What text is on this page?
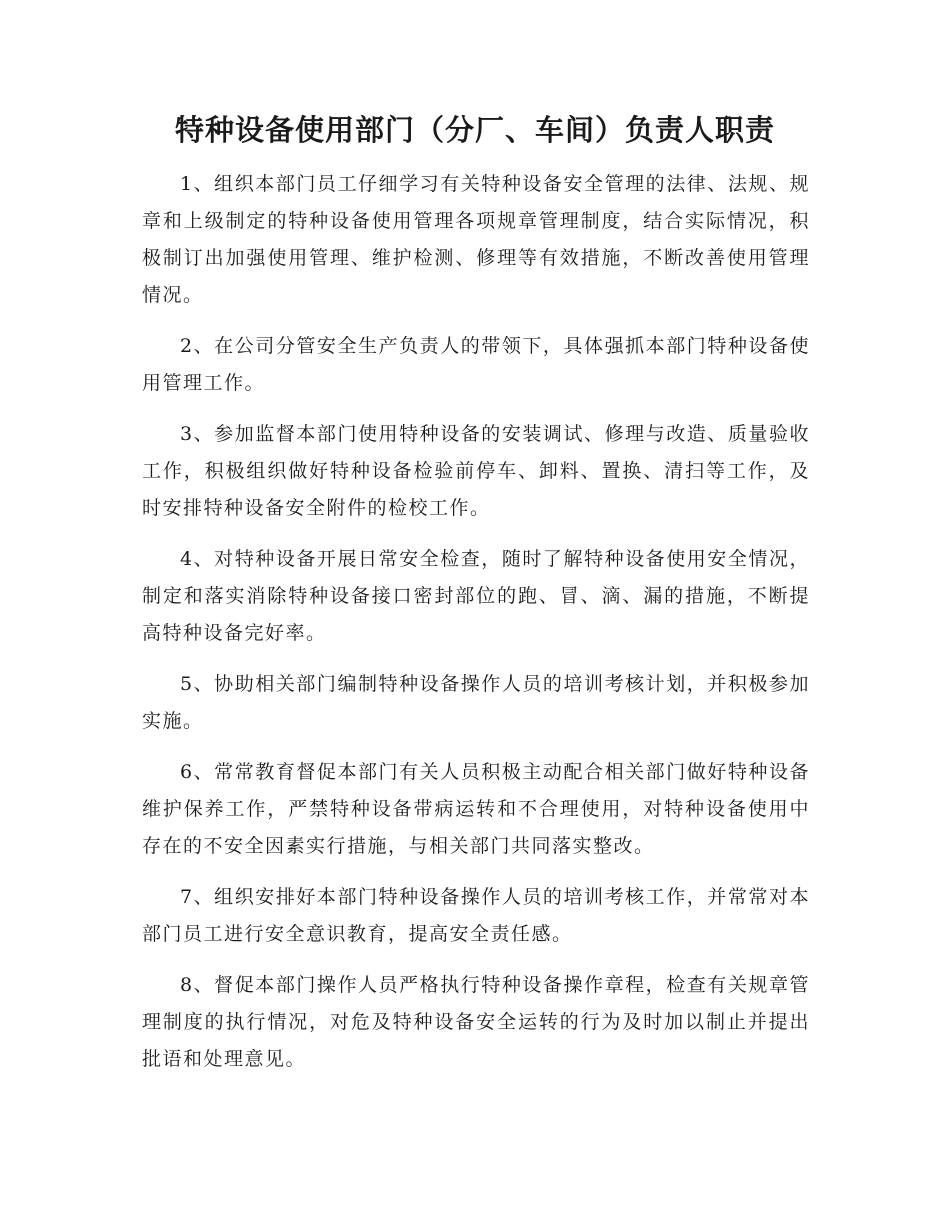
特种设备使用部门（分厂、车间）负责人职责

1、组织本部门员工仔细学习有关特种设备安全管理的法律、法规、规章和上级制定的特种设备使用管理各项规章管理制度，结合实际情况，积极制订出加强使用管理、维护检测、修理等有效措施，不断改善使用管理情况。

2、在公司分管安全生产负责人的带领下，具体强抓本部门特种设备使用管理工作。

3、参加监督本部门使用特种设备的安装调试、修理与改造、质量验收工作，积极组织做好特种设备检验前停车、卸料、置换、清扫等工作，及时安排特种设备安全附件的检校工作。

4、对特种设备开展日常安全检查，随时了解特种设备使用安全情况，制定和落实消除特种设备接口密封部位的跑、冒、滴、漏的措施，不断提高特种设备完好率。

5、协助相关部门编制特种设备操作人员的培训考核计划，并积极参加实施。

6、常常教育督促本部门有关人员积极主动配合相关部门做好特种设备维护保养工作，严禁特种设备带病运转和不合理使用，对特种设备使用中存在的不安全因素实行措施，与相关部门共同落实整改。

7、组织安排好本部门特种设备操作人员的培训考核工作，并常常对本部门员工进行安全意识教育，提高安全责任感。

8、督促本部门操作人员严格执行特种设备操作章程，检查有关规章管理制度的执行情况，对危及特种设备安全运转的行为及时加以制止并提出批语和处理意见。
